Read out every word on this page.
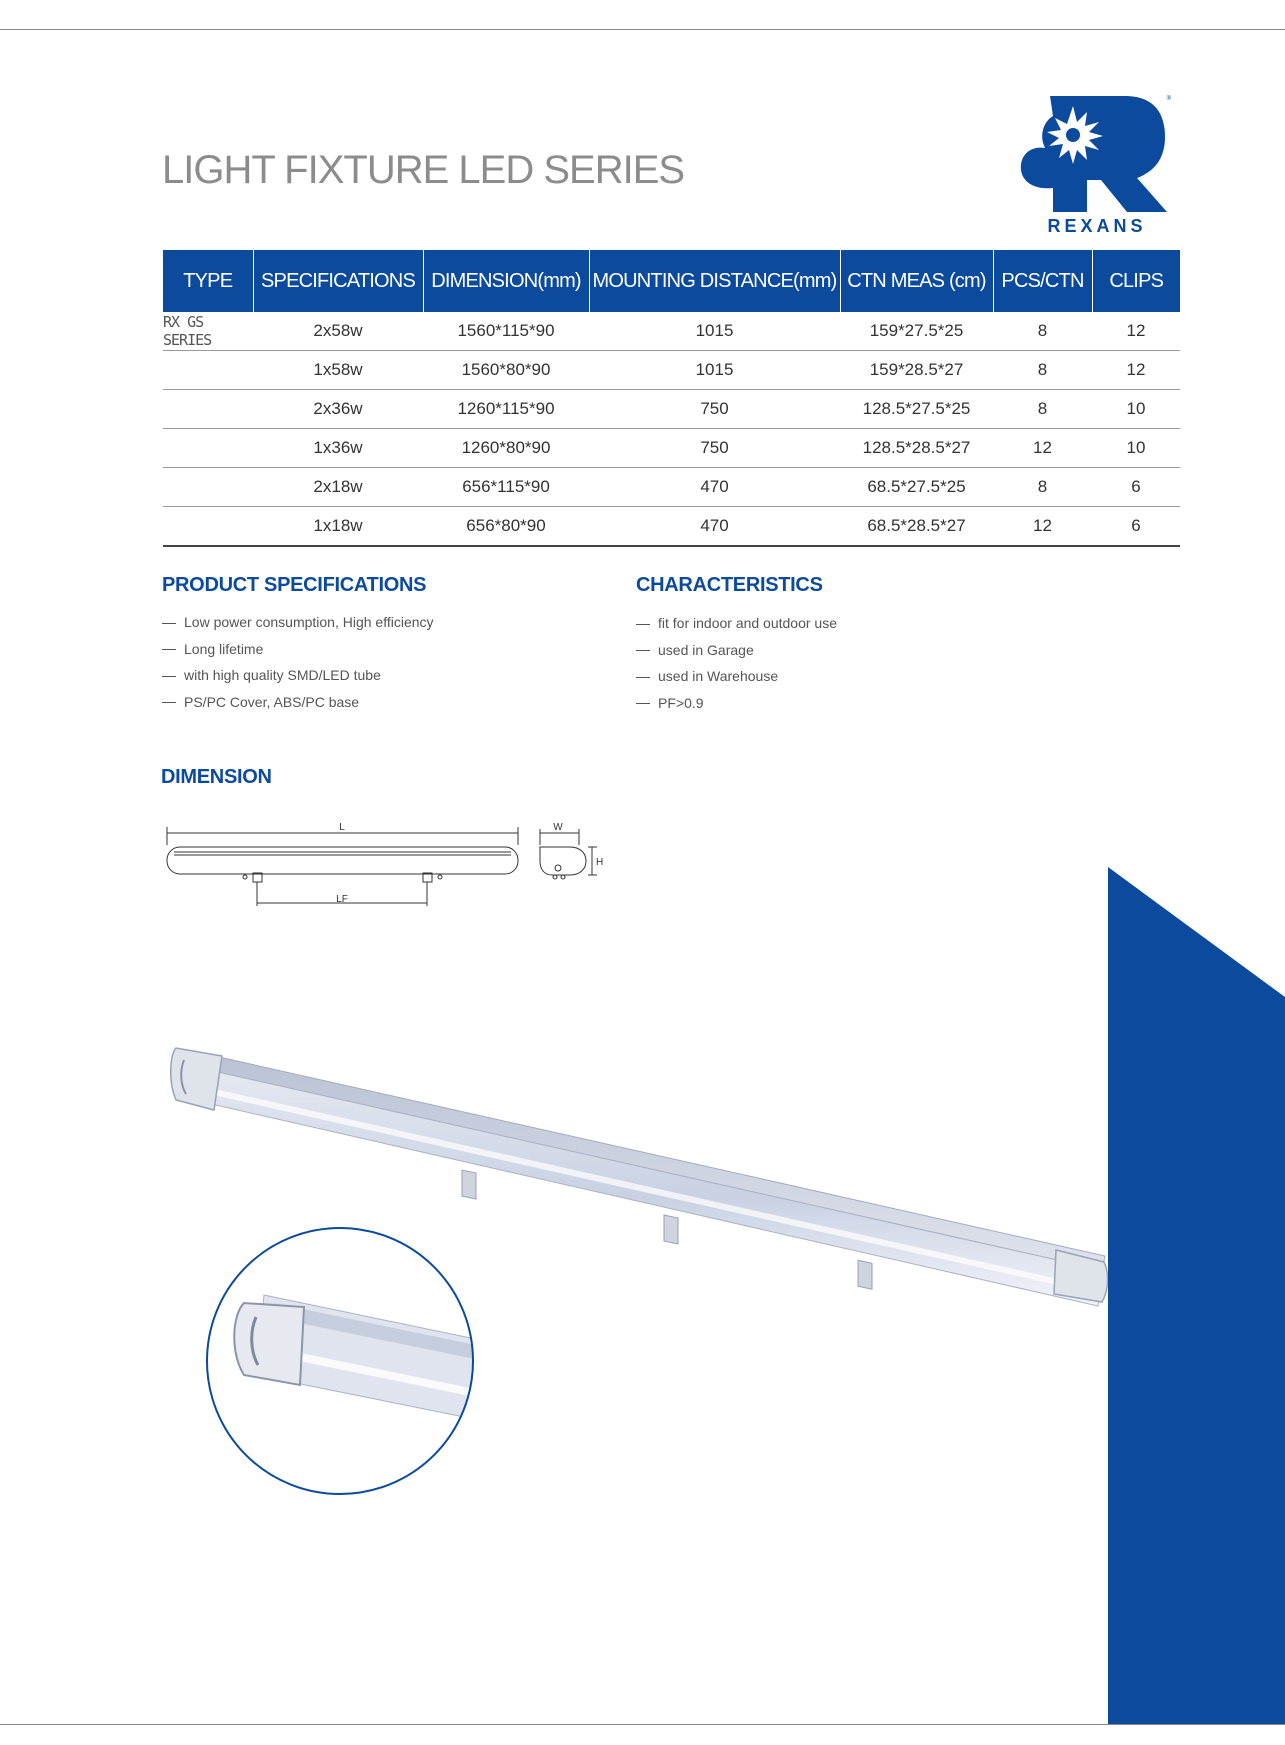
LIGHT FIXTURE LED SERIES
®
REXANS
TYPE	SPECIFICATIONS	DIMENSION(mm)	MOUNTING DISTANCE(mm)	CTN MEAS (cm)	PCS/CTN	CLIPS
RX GS SERIES	2x58w	1560*115*90	1015	159*27.5*25	8	12
	1x58w	1560*80*90	1015	159*28.5*27	8	12
	2x36w	1260*115*90	750	128.5*27.5*25	8	10
	1x36w	1260*80*90	750	128.5*28.5*27	12	10
	2x18w	656*115*90	470	68.5*27.5*25	8	6
	1x18w	656*80*90	470	68.5*28.5*27	12	6
PRODUCT SPECIFICATIONS
Low power consumption, High efficiency
Long lifetime
with high quality SMD/LED tube
PS/PC Cover, ABS/PC base
CHARACTERISTICS
fit for indoor and outdoor use
used in Garage
used in Warehouse
PF>0.9
DIMENSION
L
LF
W
H
